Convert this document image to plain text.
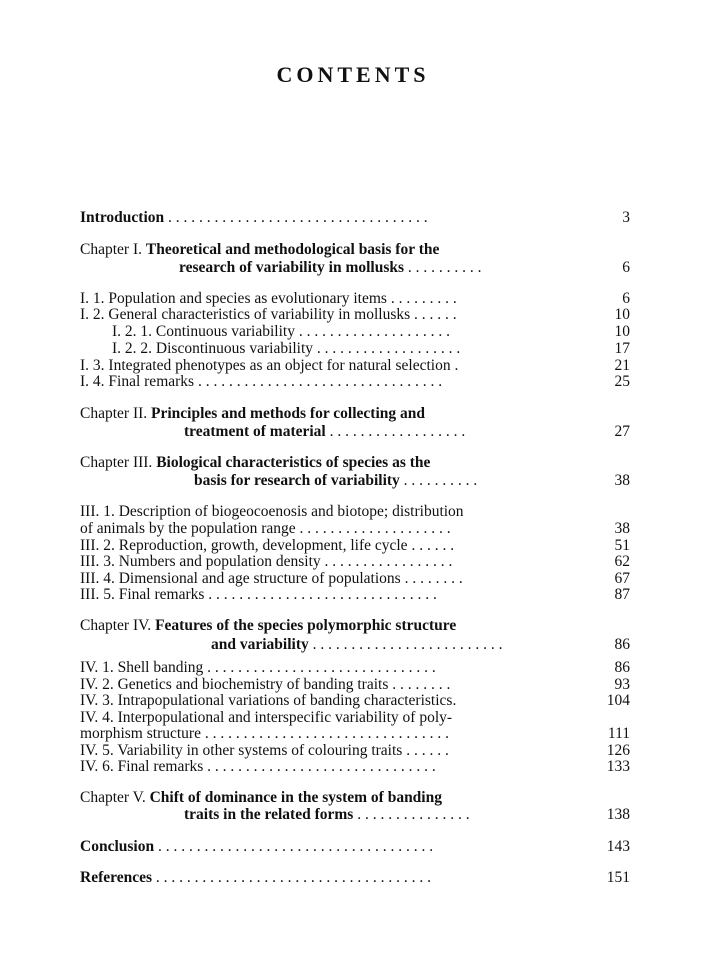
CONTENTS
Introduction . . . . . . . . . . . . . . . . . . . . . . . . . . . . . . . . . .	3
Chapter I. Theoretical and methodological basis for the
research of variability in mollusks . . . . . . . . . .	6
I. 1. Population and species as evolutionary items . . . . . . . . .	6
I. 2. General characteristics of variability in mollusks . . . . . .	10
I. 2. 1. Continuous variability . . . . . . . . . . . . . . . . . . . .	10
I. 2. 2. Discontinuous variability . . . . . . . . . . . . . . . . . . .	17
I. 3. Integrated phenotypes as an object for natural selection .	21
I. 4. Final remarks . . . . . . . . . . . . . . . . . . . . . . . . . . . . . . . .	25
Chapter II. Principles and methods for collecting and
treatment of material . . . . . . . . . . . . . . . . . .	27
Chapter III. Biological characteristics of species as the
basis for research of variability . . . . . . . . . .	38
III. 1. Description of biogeocoenosis and biotope; distribution
of animals by the population range . . . . . . . . . . . . . . . . . . . .	38
III. 2. Reproduction, growth, development, life cycle . . . . . .	51
III. 3. Numbers and population density . . . . . . . . . . . . . . . . .	62
III. 4. Dimensional and age structure of populations . . . . . . . .	67
III. 5. Final remarks . . . . . . . . . . . . . . . . . . . . . . . . . . . . . .	87
Chapter IV. Features of the species polymorphic structure
and variability . . . . . . . . . . . . . . . . . . . . . . . . .	86
IV. 1. Shell banding . . . . . . . . . . . . . . . . . . . . . . . . . . . . . .	86
IV. 2. Genetics and biochemistry of banding traits . . . . . . . .	93
IV. 3. Intrapopulational variations of banding characteristics.	104
IV. 4. Interpopulational and interspecific variability of poly-
morphism structure . . . . . . . . . . . . . . . . . . . . . . . . . . . . . . . .	111
IV. 5. Variability in other systems of colouring traits . . . . . .	126
IV. 6. Final remarks . . . . . . . . . . . . . . . . . . . . . . . . . . . . . .	133
Chapter V. Chift of dominance in the system of banding
traits in the related forms . . . . . . . . . . . . . . .	138
Conclusion . . . . . . . . . . . . . . . . . . . . . . . . . . . . . . . . . . . .	143
References . . . . . . . . . . . . . . . . . . . . . . . . . . . . . . . . . . . .	151
